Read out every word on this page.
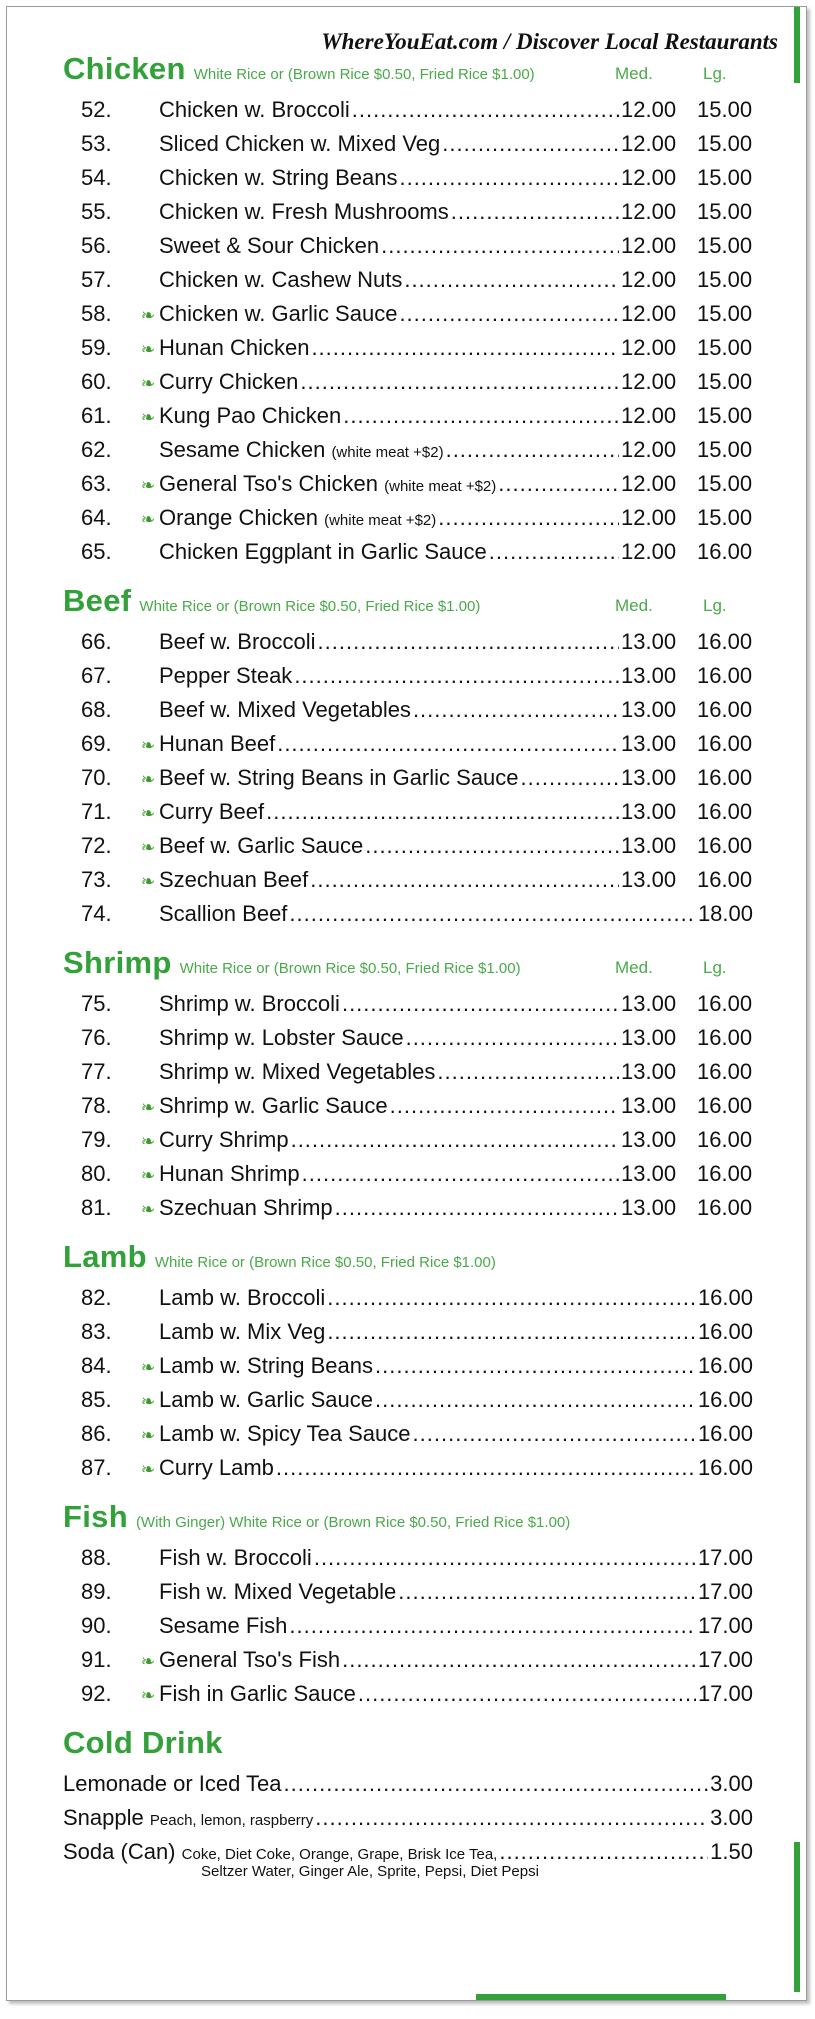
WhereYouEat.com / Discover Local Restaurants
Chicken White Rice or (Brown Rice $0.50, Fried Rice $1.00)	Med.	Lg.
52.	Chicken w. Broccoli .....	12.00 15.00
53.	Sliced Chicken w. Mixed Veg .....	12.00 15.00
54.	Chicken w. String Beans .....	12.00 15.00
55.	Chicken w. Fresh Mushrooms .....	12.00 15.00
56.	Sweet & Sour Chicken .....	12.00 15.00
57.	Chicken w. Cashew Nuts .....	12.00 15.00
58.	❧ Chicken w. Garlic Sauce .....	12.00 15.00
59.	❧ Hunan Chicken .....	12.00 15.00
60.	❧ Curry Chicken .....	12.00 15.00
61.	❧ Kung Pao Chicken .....	12.00 15.00
62.	Sesame Chicken (white meat +$2) .....	12.00 15.00
63.	❧ General Tso's Chicken (white meat +$2) .....	12.00 15.00
64.	❧ Orange Chicken (white meat +$2) .....	12.00 15.00
65.	Chicken Eggplant in Garlic Sauce .....	12.00 16.00
Beef White Rice or (Brown Rice $0.50, Fried Rice $1.00)	Med.	Lg.
66.	Beef w. Broccoli .....	13.00 16.00
67.	Pepper Steak .....	13.00 16.00
68.	Beef w. Mixed Vegetables .....	13.00 16.00
69.	❧ Hunan Beef .....	13.00 16.00
70.	❧ Beef w. String Beans in Garlic Sauce .....	13.00 16.00
71.	❧ Curry Beef .....	13.00 16.00
72.	❧ Beef w. Garlic Sauce .....	13.00 16.00
73.	❧ Szechuan Beef .....	13.00 16.00
74.	Scallion Beef .....	18.00
Shrimp White Rice or (Brown Rice $0.50, Fried Rice $1.00)	Med.	Lg.
75.	Shrimp w. Broccoli .....	13.00 16.00
76.	Shrimp w. Lobster Sauce .....	13.00 16.00
77.	Shrimp w. Mixed Vegetables .....	13.00 16.00
78.	❧ Shrimp w. Garlic Sauce .....	13.00 16.00
79.	❧ Curry Shrimp .....	13.00 16.00
80.	❧ Hunan Shrimp .....	13.00 16.00
81.	❧ Szechuan Shrimp .....	13.00 16.00
Lamb White Rice or (Brown Rice $0.50, Fried Rice $1.00)
82.	Lamb w. Broccoli .....	16.00
83.	Lamb w. Mix Veg .....	16.00
84.	❧ Lamb w. String Beans .....	16.00
85.	❧ Lamb w. Garlic Sauce .....	16.00
86.	❧ Lamb w. Spicy Tea Sauce .....	16.00
87.	❧ Curry Lamb .....	16.00
Fish (With Ginger) White Rice or (Brown Rice $0.50, Fried Rice $1.00)
88.	Fish w. Broccoli .....	17.00
89.	Fish w. Mixed Vegetable .....	17.00
90.	Sesame Fish .....	17.00
91.	❧ General Tso's Fish .....	17.00
92.	❧ Fish in Garlic Sauce .....	17.00
Cold Drink
Lemonade or Iced Tea .....	3.00
Snapple Peach, lemon, raspberry .....	3.00
Soda (Can) Coke, Diet Coke, Orange, Grape, Brisk Ice Tea, .....	1.50
Seltzer Water, Ginger Ale, Sprite, Pepsi, Diet Pepsi
